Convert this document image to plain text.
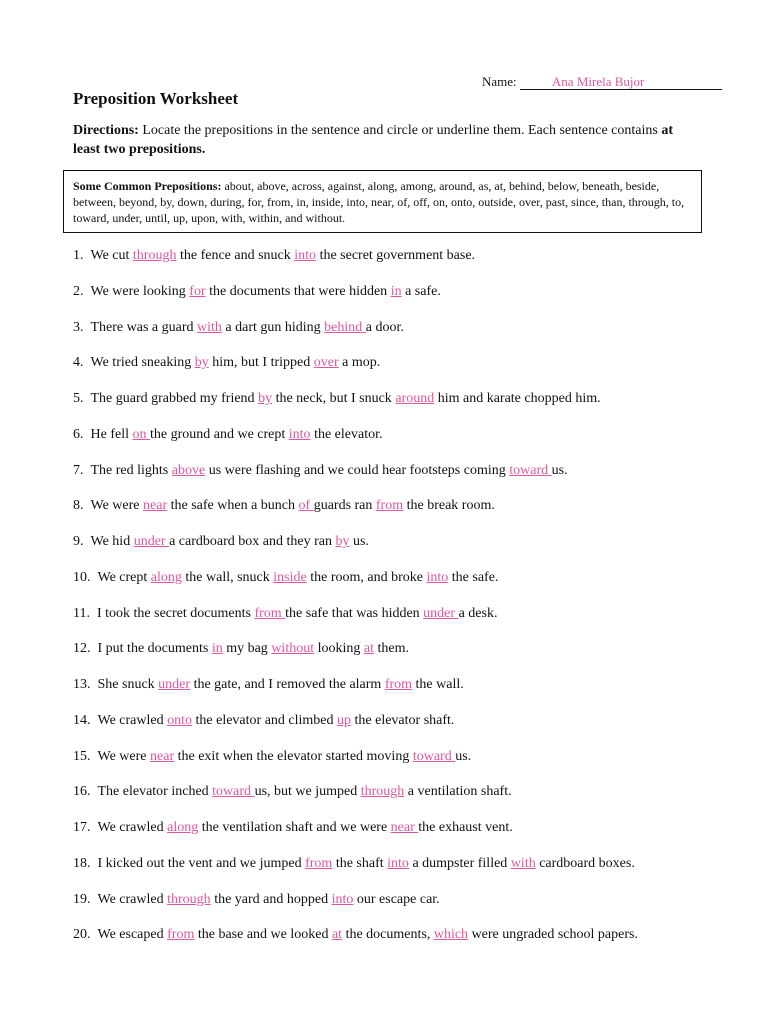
Name:	Ana Mirela Bujor
Preposition Worksheet

Directions: Locate the prepositions in the sentence and circle or underline them. Each sentence contains at least two prepositions.

Some Common Prepositions: about, above, across, against, along, among, around, as, at, behind, below, beneath, beside, between, beyond, by, down, during, for, from, in, inside, into, near, of, off, on, onto, outside, over, past, since, than, through, to, toward, under, until, up, upon, with, within, and without.
1. We cut through the fence and snuck into the secret government base.
2. We were looking for the documents that were hidden in a safe.
3. There was a guard with a dart gun hiding behind a door.
4. We tried sneaking by him, but I tripped over a mop.
5. The guard grabbed my friend by the neck, but I snuck around him and karate chopped him.
6. He fell on the ground and we crept into the elevator.
7. The red lights above us were flashing and we could hear footsteps coming toward us.
8. We were near the safe when a bunch of guards ran from the break room.
9. We hid under a cardboard box and they ran by us.
10. We crept along the wall, snuck inside the room, and broke into the safe.
11. I took the secret documents from the safe that was hidden under a desk.
12. I put the documents in my bag without looking at them.
13. She snuck under the gate, and I removed the alarm from the wall.
14. We crawled onto the elevator and climbed up the elevator shaft.
15. We were near the exit when the elevator started moving toward us.
16. The elevator inched toward us, but we jumped through a ventilation shaft.
17. We crawled along the ventilation shaft and we were near the exhaust vent.
18. I kicked out the vent and we jumped from the shaft into a dumpster filled with cardboard boxes.
19. We crawled through the yard and hopped into our escape car.
20. We escaped from the base and we looked at the documents, which were ungraded school papers.
